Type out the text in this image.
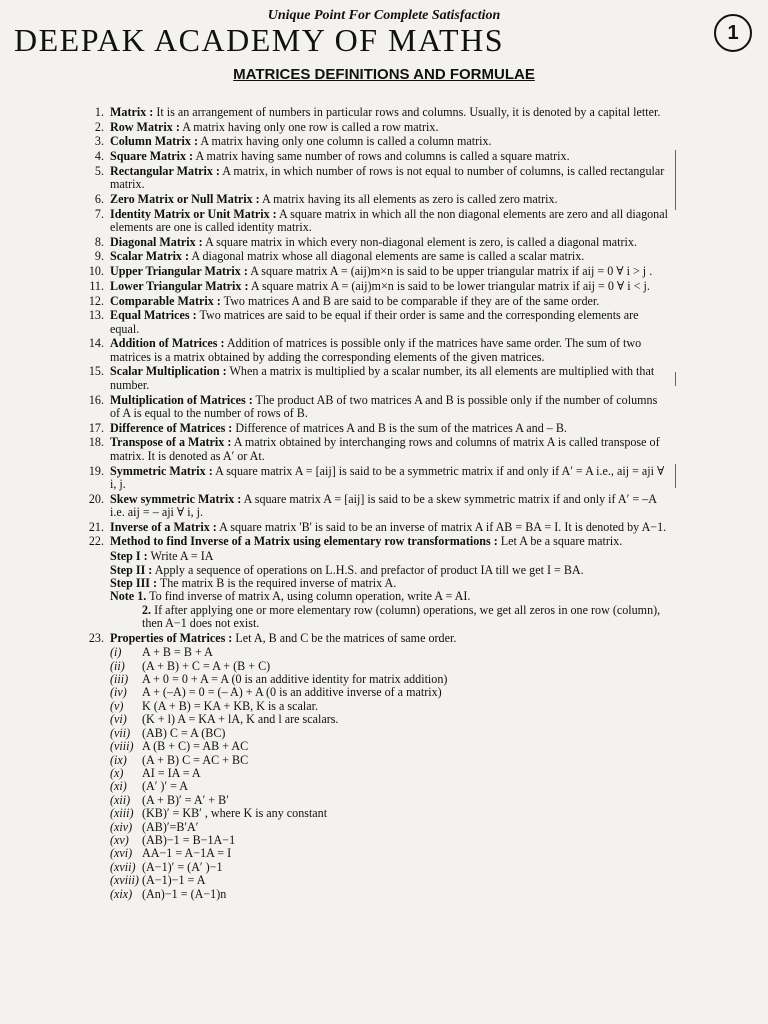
Unique Point For Complete Satisfaction
DEEPAK ACADEMY OF MATHS	1
MATRICES DEFINITIONS AND FORMULAE
1. Matrix : It is an arrangement of numbers in particular rows and columns. Usually, it is denoted by a capital letter.
2. Row Matrix : A matrix having only one row is called a row matrix.
3. Column Matrix : A matrix having only one column is called a column matrix.
4. Square Matrix : A matrix having same number of rows and columns is called a square matrix.
5. Rectangular Matrix : A matrix, in which number of rows is not equal to number of columns, is called rectangular matrix.
6. Zero Matrix or Null Matrix : A matrix having its all elements as zero is called zero matrix.
7. Identity Matrix or Unit Matrix : A square matrix in which all the non diagonal elements are zero and all diagonal elements are one is called identity matrix.
8. Diagonal Matrix : A square matrix in which every non-diagonal element is zero, is called a diagonal matrix.
9. Scalar Matrix : A diagonal matrix whose all diagonal elements are same is called a scalar matrix.
10. Upper Triangular Matrix : A square matrix A = (aij)m×n is said to be upper triangular matrix if aij = 0 ∀ i > j .
11. Lower Triangular Matrix : A square matrix A = (aij)m×n is said to be lower triangular matrix if aij = 0 ∀ i < j.
12. Comparable Matrix : Two matrices A and B are said to be comparable if they are of the same order.
13. Equal Matrices : Two matrices are said to be equal if their order is same and the corresponding elements are equal.
14. Addition of Matrices : Addition of matrices is possible only if the matrices have same order. The sum of two matrices is a matrix obtained by adding the corresponding elements of the given matrices.
15. Scalar Multiplication : When a matrix is multiplied by a scalar number, its all elements are multiplied with that number.
16. Multiplication of Matrices : The product AB of two matrices A and B is possible only if the number of columns of A is equal to the number of rows of B.
17. Difference of Matrices : Difference of matrices A and B is the sum of the matrices A and – B.
18. Transpose of a Matrix : A matrix obtained by interchanging rows and columns of matrix A is called transpose of matrix. It is denoted as A′ or At.
19. Symmetric Matrix : A square matrix A = [aij] is said to be a symmetric matrix if and only if A′ = A i.e., aij = aji ∀ i, j.
20. Skew symmetric Matrix : A square matrix A = [aij] is said to be a skew symmetric matrix if and only if A′ = –A i.e. aij = – aji ∀ i, j.
21. Inverse of a Matrix : A square matrix 'B' is said to be an inverse of matrix A if AB = BA = I. It is denoted by A−1.
22. Method to find Inverse of a Matrix using elementary row transformations : Let A be a square matrix.
Step I : Write A = IA
Step II : Apply a sequence of operations on L.H.S. and prefactor of product IA till we get I = BA.
Step III : The matrix B is the required inverse of matrix A.
Note 1. To find inverse of matrix A, using column operation, write A = AI.
2. If after applying one or more elementary row (column) operations, we get all zeros in one row (column), then A−1 does not exist.
23. Properties of Matrices : Let A, B and C be the matrices of same order.
(i) A + B = B + A
(ii) (A + B) + C = A + (B + C)
(iii) A + 0 = 0 + A = A (0 is an additive identity for matrix addition)
(iv) A + (–A) = 0 = (– A) + A (0 is an additive inverse of a matrix)
(v) K (A + B) = KA + KB, K is a scalar.
(vi) (K + l) A = KA + lA, K and l are scalars.
(vii) (AB) C = A (BC)
(viii) A (B + C) = AB + AC
(ix) (A + B) C = AC + BC
(x) AI = IA = A
(xi) (A′ )′ = A
(xii) (A + B)′ = A′ + B′
(xiii) (KB)′ = KB′ , where K is any constant
(xiv) (AB)′=B′A′
(xv) (AB)−1 = B−1A−1
(xvi) AA−1 = A−1A = I
(xvii) (A−1)′ = (A′ )−1
(xviii) (A−1)−1 = A
(xix) (An)−1 = (A−1)n
